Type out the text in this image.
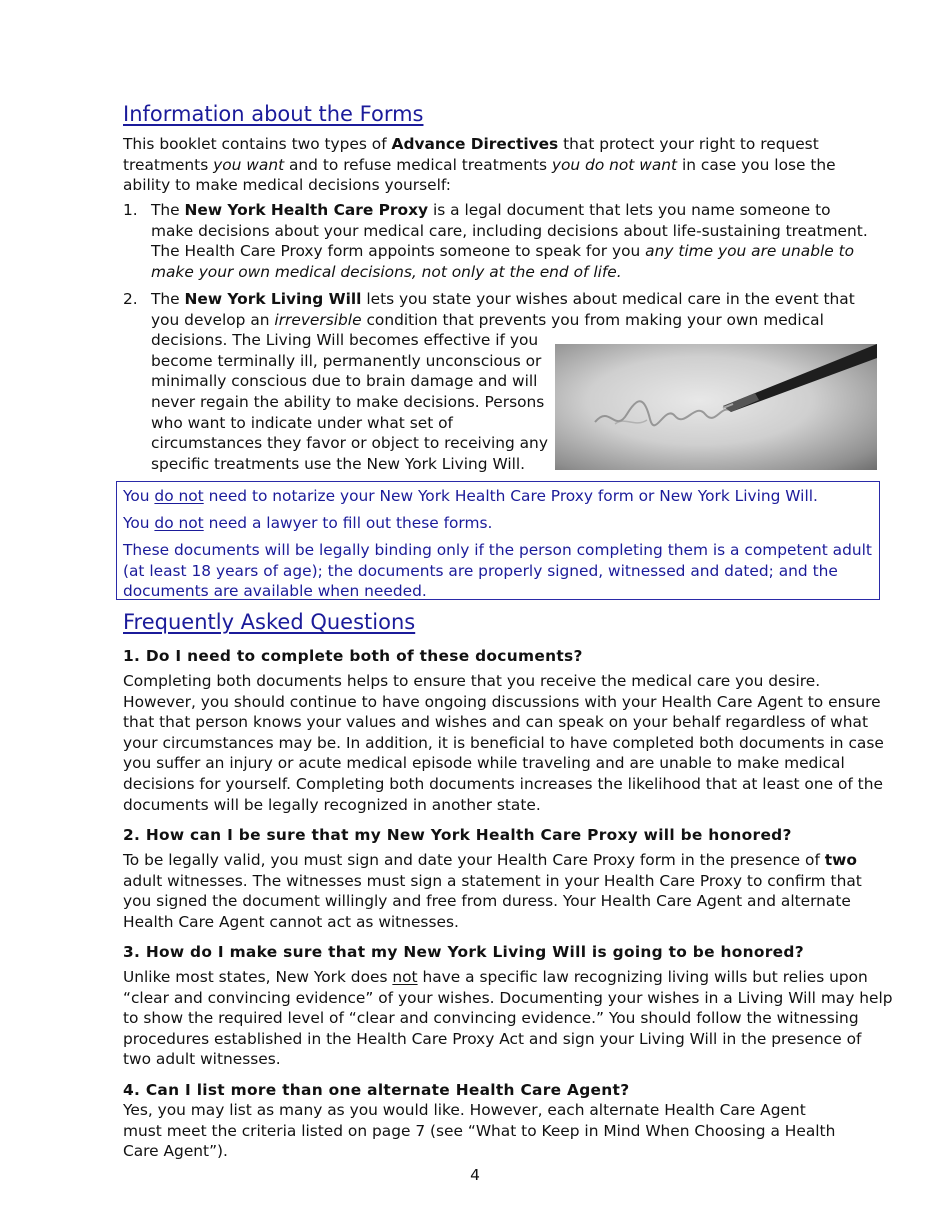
Information about the Forms

This booklet contains two types of Advance Directives that protect your right to request treatments you want and to refuse medical treatments you do not want in case you lose the ability to make medical decisions yourself:

1. The New York Health Care Proxy is a legal document that lets you name someone to make decisions about your medical care, including decisions about life-sustaining treatment. The Health Care Proxy form appoints someone to speak for you any time you are unable to make your own medical decisions, not only at the end of life.

2. The New York Living Will lets you state your wishes about medical care in the event that you develop an irreversible condition that prevents you from making your own medical

decisions. The Living Will becomes effective if you
become terminally ill, permanently unconscious or
minimally conscious due to brain damage and will
never regain the ability to make decisions. Persons
who want to indicate under what set of
circumstances they favor or object to receiving any
specific treatments use the New York Living Will.
Frequently Asked Questions
1. Do I need to complete both of these documents?

Completing both documents helps to ensure that you receive the medical care you desire. However, you should continue to have ongoing discussions with your Health Care Agent to ensure that that person knows your values and wishes and can speak on your behalf regardless of what your circumstances may be. In addition, it is beneficial to have completed both documents in case you suffer an injury or acute medical episode while traveling and are unable to make medical decisions for yourself. Completing both documents increases the likelihood that at least one of the documents will be legally recognized in another state.

2. How can I be sure that my New York Health Care Proxy will be honored?

To be legally valid, you must sign and date your Health Care Proxy form in the presence of two adult witnesses. The witnesses must sign a statement in your Health Care Proxy to confirm that you signed the document willingly and free from duress. Your Health Care Agent and alternate Health Care Agent cannot act as witnesses.

3. How do I make sure that my New York Living Will is going to be honored?

Unlike most states, New York does not have a specific law recognizing living wills but relies upon “clear and convincing evidence” of your wishes. Documenting your wishes in a Living Will may help to show the required level of “clear and convincing evidence.” You should follow the witnessing procedures established in the Health Care Proxy Act and sign your Living Will in the presence of two adult witnesses.

4. Can I list more than one alternate Health Care Agent?

Yes, you may list as many as you would like. However, each alternate Health Care Agent must meet the criteria listed on page 7 (see “What to Keep in Mind When Choosing a Health Care Agent”).

You do not need to notarize your New York Health Care Proxy form or New York Living Will.

You do not need a lawyer to fill out these forms.

These documents will be legally binding only if the person completing them is a competent adult (at least 18 years of age); the documents are properly signed, witnessed and dated; and the documents are available when needed.

4
